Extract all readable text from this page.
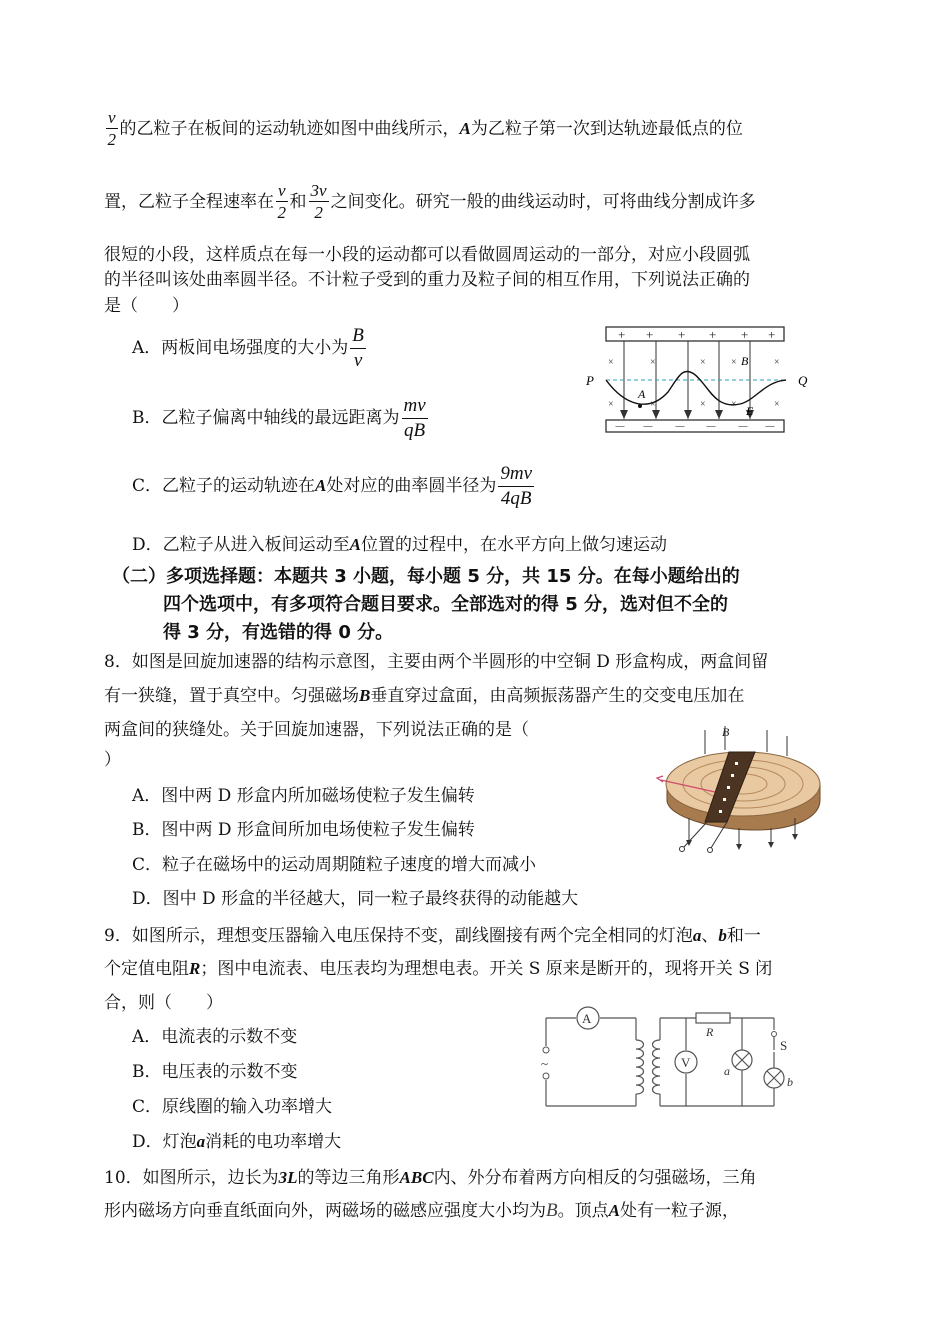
$\frac{v}{2}$ 的乙粒子在板间的运动轨迹如图中曲线所示，A为乙粒子第一次到达轨迹最低点的位
置，乙粒子全程速率在 $\frac{v}{2}$ 和 $\frac{3v}{2}$ 之间变化。研究一般的曲线运动时，可将曲线分割成许多
很短的小段，这样质点在每一小段的运动都可以看做圆周运动的一部分，对应小段圆弧
的半径叫该处曲率圆半径。不计粒子受到的重力及粒子间的相互作用，下列说法正确的
是（　　）
A．两板间电场强度的大小为 $\frac{B}{v}$
B．乙粒子偏离中轴线的最远距离为 $\frac{mv}{qB}$
C．乙粒子的运动轨迹在A处对应的曲率圆半径为 $\frac{9mv}{4qB}$
D．乙粒子从进入板间运动至A位置的过程中，在水平方向上做匀速运动
+ + + + + +
－ － － － － －
×	×	×	×	×
×	×	×	×	×
P	Q
A
B
E
（二）多项选择题：本题共 3 小题，每小题 5 分，共 15 分。在每小题给出的
四个选项中，有多项符合题目要求。全部选对的得 5 分，选对但不全的
得 3 分，有选错的得 0 分。
8．如图是回旋加速器的结构示意图，主要由两个半圆形的中空铜 D 形盒构成，两盒间留
有一狭缝，置于真空中。匀强磁场B垂直穿过盒面，由高频振荡器产生的交变电压加在
两盒间的狭缝处。关于回旋加速器，下列说法正确的是（
）
A．图中两 D 形盒内所加磁场使粒子发生偏转
B．图中两 D 形盒间所加电场使粒子发生偏转
C．粒子在磁场中的运动周期随粒子速度的增大而减小
D．图中 D 形盒的半径越大，同一粒子最终获得的动能越大
B
9．如图所示，理想变压器输入电压保持不变，副线圈接有两个完全相同的灯泡a、b和一
个定值电阻R；图中电流表、电压表均为理想电表。开关 S 原来是断开的，现将开关 S 闭
合，则（　　）
A．电流表的示数不变
B．电压表的示数不变
C．原线圈的输入功率增大
D．灯泡a消耗的电功率增大
A
~
R
V
a
S
b
10．如图所示，边长为3L的等边三角形ABC内、外分布着两方向相反的匀强磁场，三角
形内磁场方向垂直纸面向外，两磁场的磁感应强度大小均为B。顶点A处有一粒子源，
